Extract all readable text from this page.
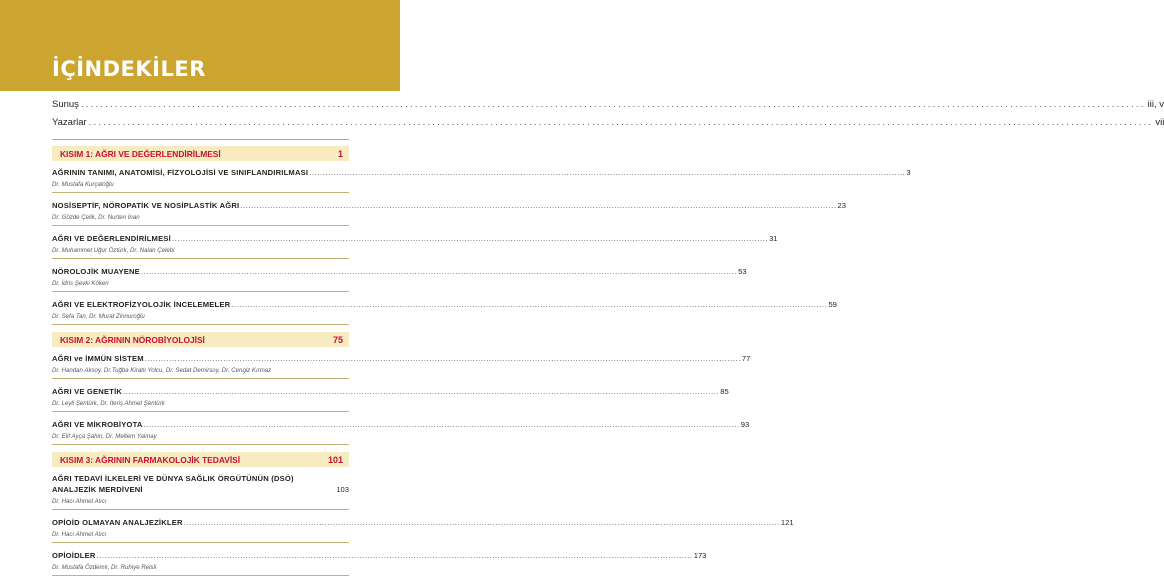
İÇİNDEKİLER
Sunuş ............................................................................................................................................................................................................................ iii, v
Yazarlar ............................................................................................................................................................................................................................ vii
KISIM 1: AĞRI VE DEĞERLENDİRİLMESİ	1
AĞRININ TANIMI, ANATOMİSİ, FİZYOLOJİSİ VE SINIFLANDIRILMASI ............................................................................................................................................................................................................................ 3
Dr. Mustafa Kurçaloğlu
NOSİSEPTİF, NÖROPATİK VE NOSİPLASTİK AĞRI ............................................................................................................................................................................................................................ 23
Dr. Gözde Çelik, Dr. Nurten İnan
AĞRI VE DEĞERLENDİRİLMESİ ............................................................................................................................................................................................................................ 31
Dr. Muhammet Uğur Öztürk, Dr. Nalan Çelebi
NÖROLOJİK MUAYENE ............................................................................................................................................................................................................................ 53
Dr. İdris Şevki Köken
AĞRI VE ELEKTROFİZYOLOJİK İNCELEMELER ............................................................................................................................................................................................................................ 59
Dr. Sefa Tan, Dr. Murat Zinnuroğlu
KISIM 2: AĞRININ NÖROBİYOLOJİSİ	75
AĞRI ve İMMÜN SİSTEM ............................................................................................................................................................................................................................ 77
Dr. Handan Aksoy, Dr.Tuğba Kiratlı Yolcu, Dr. Sedat Demirsoy, Dr. Cengiz Kırmaz
AĞRI VE GENETİK ............................................................................................................................................................................................................................ 85
Dr. Leyli Şentürk, Dr. İteriş Ahmet Şentürk
AĞRI VE MİKROBİYOTA ............................................................................................................................................................................................................................ 93
Dr. Elif Ayça Şahin, Dr. Meltem Yalınay
KISIM 3: AĞRININ FARMAKOLOJİK TEDAVİSİ	101
AĞRI TEDAVİ İLKELERİ VE DÜNYA SAĞLIK ÖRGÜTÜNÜN (DSÖ) ANALJEZİK MERDİVENİ	103
Dr. Hacı Ahmet Alıcı
OPİOİD OLMAYAN ANALJEZİKLER ............................................................................................................................................................................................................................ 121
Dr. Hacı Ahmet Alıcı
OPİOİDLER ............................................................................................................................................................................................................................ 173
Dr. Mustafa Özdemir, Dr. Ruhiye Reisli
